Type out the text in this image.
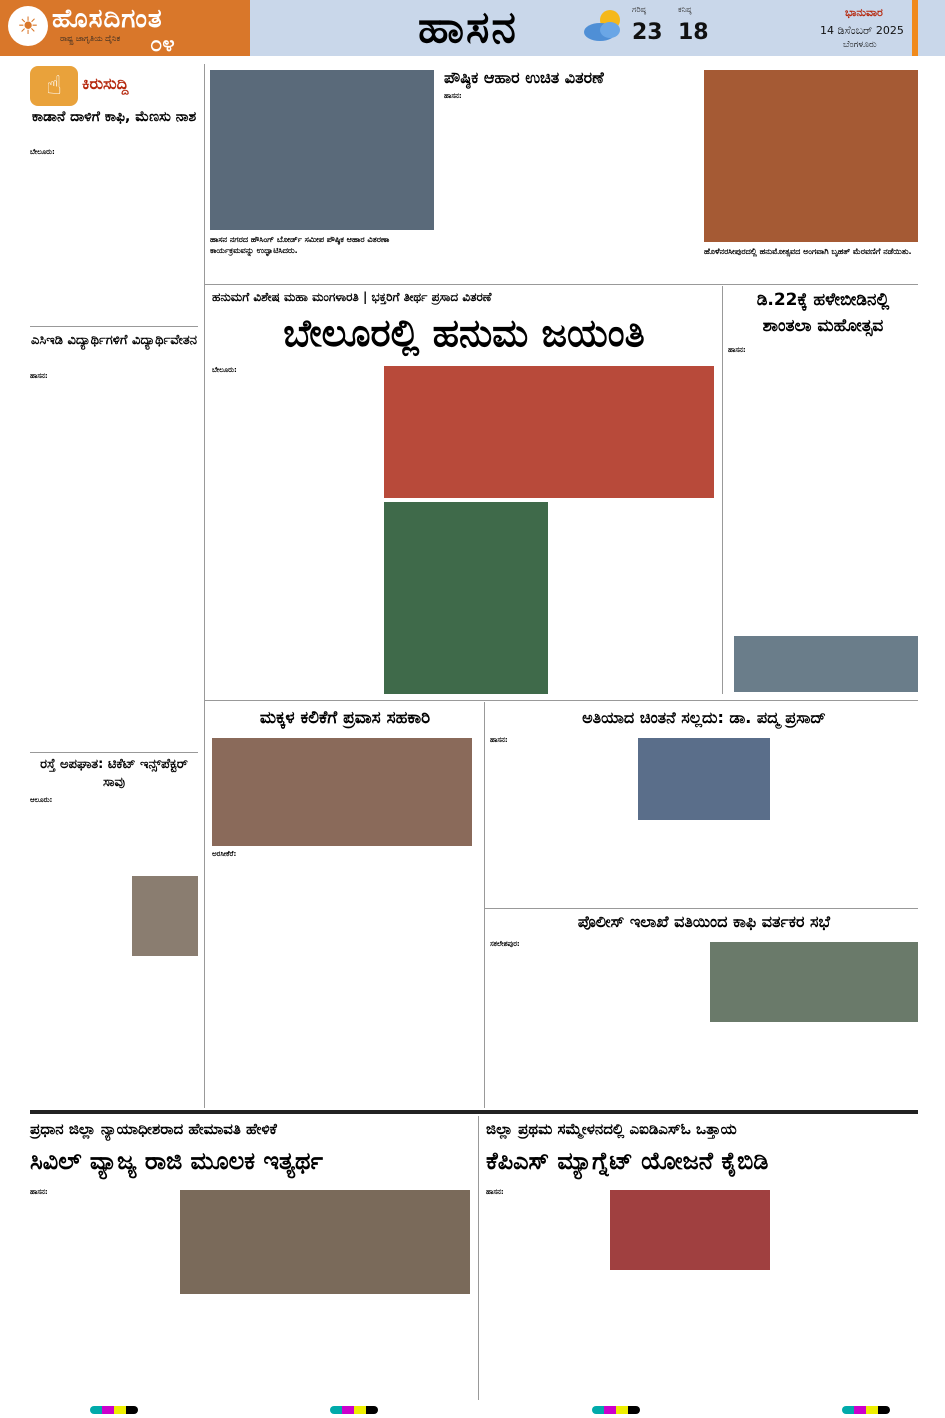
☀ ಹೊಸದಿಗಂತ
ರಾಷ್ಟ್ರ ಜಾಗೃತಿಯ ದೈನಿಕ ೦೪	ಹಾಸನ	ಗರಿಷ್ಠ
23
ಕನಿಷ್ಠ
18
ಭಾನುವಾರ
14 ಡಿಸೆಂಬರ್ 2025
ಬೆಂಗಳೂರು
☝	ಕಿರುಸುದ್ದಿ
ಕಾಡಾನೆ ದಾಳಿಗೆ ಕಾಫಿ, ಮೆಣಸು ನಾಶ
ಬೇಲೂರು:
ಎಸಿಇಡಿ ವಿದ್ಯಾರ್ಥಿಗಳಿಗೆ ವಿದ್ಯಾರ್ಥಿವೇತನ
ಹಾಸನ:
ರಸ್ತೆ ಅಪಘಾತ: ಟಿಕೆಟ್ ಇನ್ಸ್‌ಪೆಕ್ಟರ್ ಸಾವು
ಆಲೂರು:
ಹಾಸನ ನಗರದ ಹೌಸಿಂಗ್ ಬೋರ್ಡ್ ಸಮೀಪ ಪೌಷ್ಠಿಕ ಆಹಾರ ವಿತರಣಾ ಕಾರ್ಯಕ್ರಮವನ್ನು ಉದ್ಘಾಟಿಸಿದರು.
ಪೌಷ್ಠಿಕ ಆಹಾರ ಉಚಿತ ವಿತರಣೆ
ಹಾಸನ:
ಹೊಳೆನರಸೀಪುರದಲ್ಲಿ ಹನುಮೋತ್ಸವದ ಅಂಗವಾಗಿ ಬೃಹತ್ ಮೆರವಣಿಗೆ ನಡೆಯಿತು.
ಹನುಮಗೆ ವಿಶೇಷ ಮಹಾ ಮಂಗಳಾರತಿ | ಭಕ್ತರಿಗೆ ತೀರ್ಥ ಪ್ರಸಾದ ವಿತರಣೆ
ಬೇಲೂರಲ್ಲಿ ಹನುಮ ಜಯಂತಿ
ಬೇಲೂರು:
ಡಿ.22ಕ್ಕೆ ಹಳೇಬೀಡಿನಲ್ಲಿ
ಶಾಂತಲಾ ಮಹೋತ್ಸವ
ಹಾಸನ:
ಮಕ್ಕಳ ಕಲಿಕೆಗೆ ಪ್ರವಾಸ ಸಹಕಾರಿ
ಅರಸೀಕೆರೆ:
ಅತಿಯಾದ ಚಿಂತನೆ ಸಲ್ಲದು: ಡಾ. ಪದ್ಮ ಪ್ರಸಾದ್
ಹಾಸನ:
ಪೊಲೀಸ್ ಇಲಾಖೆ ವತಿಯಿಂದ ಕಾಫಿ ವರ್ತಕರ ಸಭೆ
ಸಕಲೇಶಪುರ:
ಪ್ರಧಾನ ಜಿಲ್ಲಾ ನ್ಯಾಯಾಧೀಶರಾದ ಹೇಮಾವತಿ ಹೇಳಿಕೆ
ಸಿವಿಲ್ ವ್ಯಾಜ್ಯ ರಾಜಿ ಮೂಲಕ ಇತ್ಯರ್ಥ
ಹಾಸನ:
ಜಿಲ್ಲಾ ಪ್ರಥಮ ಸಮ್ಮೇಳನದಲ್ಲಿ ಎಐಡಿಎಸ್ಓ ಒತ್ತಾಯ
ಕೆಪಿಎಸ್ ಮ್ಯಾಗ್ನೆಟ್ ಯೋಜನೆ ಕೈಬಿಡಿ
ಹಾಸನ:
